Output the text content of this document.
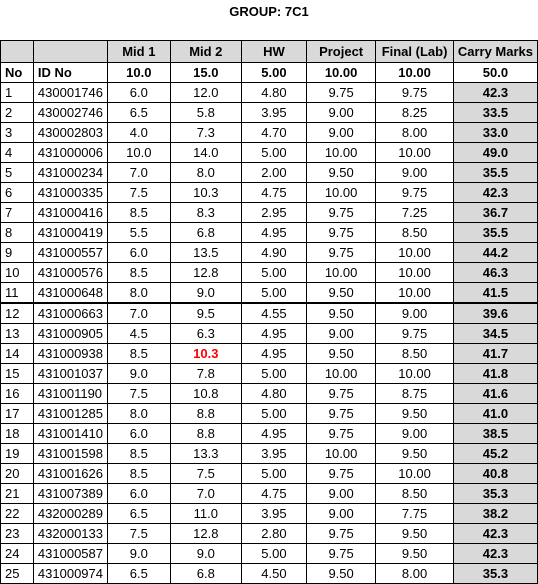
GROUP: 7C1
		Mid 1	Mid 2	HW	Project	Final (Lab)	Carry Marks
No	ID No	10.0	15.0	5.00	10.00	10.00	50.0
1	430001746	6.0	12.0	4.80	9.75	9.75	42.3
2	430002746	6.5	5.8	3.95	9.00	8.25	33.5
3	430002803	4.0	7.3	4.70	9.00	8.00	33.0
4	431000006	10.0	14.0	5.00	10.00	10.00	49.0
5	431000234	7.0	8.0	2.00	9.50	9.00	35.5
6	431000335	7.5	10.3	4.75	10.00	9.75	42.3
7	431000416	8.5	8.3	2.95	9.75	7.25	36.7
8	431000419	5.5	6.8	4.95	9.75	8.50	35.5
9	431000557	6.0	13.5	4.90	9.75	10.00	44.2
10	431000576	8.5	12.8	5.00	10.00	10.00	46.3
11	431000648	8.0	9.0	5.00	9.50	10.00	41.5
12	431000663	7.0	9.5	4.55	9.50	9.00	39.6
13	431000905	4.5	6.3	4.95	9.00	9.75	34.5
14	431000938	8.5	10.3	4.95	9.50	8.50	41.7
15	431001037	9.0	7.8	5.00	10.00	10.00	41.8
16	431001190	7.5	10.8	4.80	9.75	8.75	41.6
17	431001285	8.0	8.8	5.00	9.75	9.50	41.0
18	431001410	6.0	8.8	4.95	9.75	9.00	38.5
19	431001598	8.5	13.3	3.95	10.00	9.50	45.2
20	431001626	8.5	7.5	5.00	9.75	10.00	40.8
21	431007389	6.0	7.0	4.75	9.00	8.50	35.3
22	432000289	6.5	11.0	3.95	9.00	7.75	38.2
23	432000133	7.5	12.8	2.80	9.75	9.50	42.3
24	431000587	9.0	9.0	5.00	9.75	9.50	42.3
25	431000974	6.5	6.8	4.50	9.50	8.00	35.3
